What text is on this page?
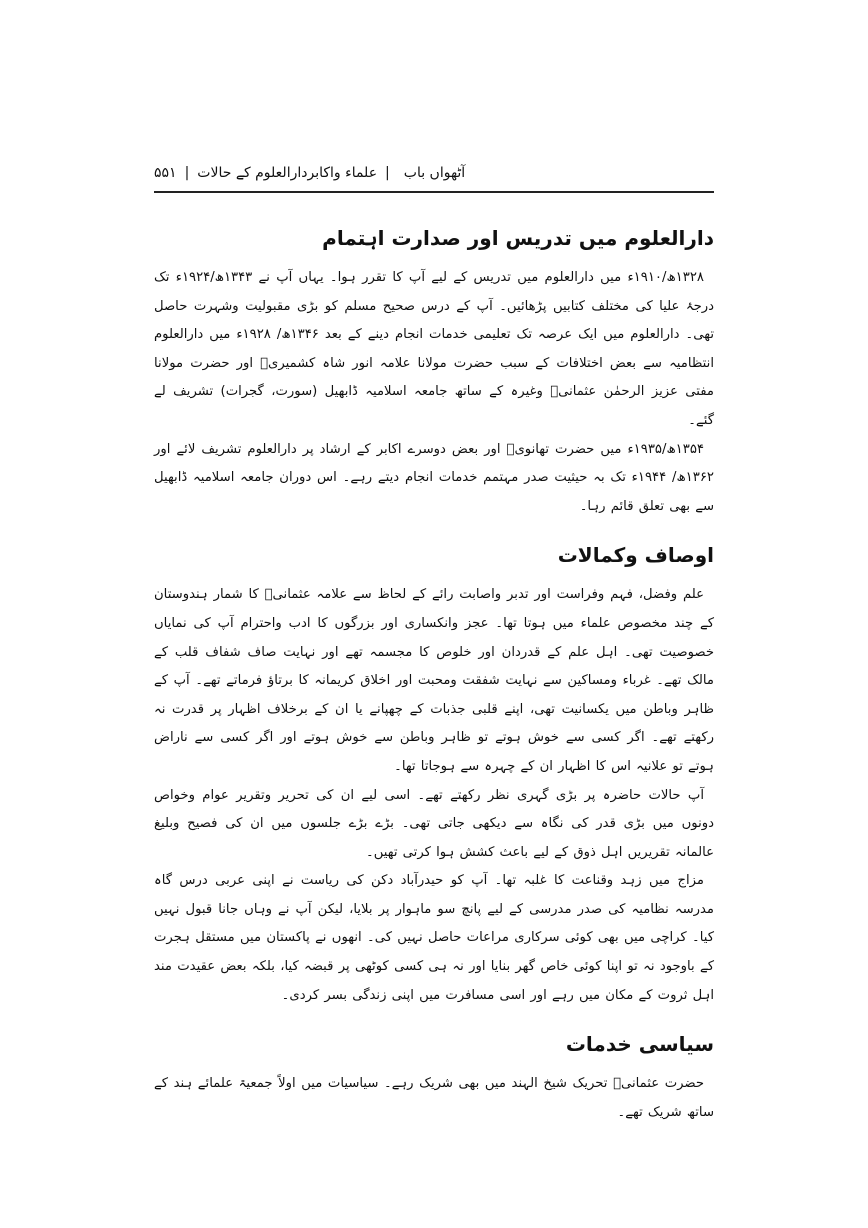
آٹھواں باب
|
علماء واکابردارالعلوم کے حالات
|
۵۵۱
دارالعلوم میں تدریس اور صدارت اہتمام

۱۳۲۸ھ/۱۹۱۰ء میں دارالعلوم میں تدریس کے لیے آپ کا تقرر ہوا۔ یہاں آپ نے ۱۳۴۳ھ/۱۹۲۴ء تک درجۂ علیا کی مختلف کتابیں پڑھائیں۔ آپ کے درس صحیح مسلم کو بڑی مقبولیت وشہرت حاصل تھی۔ دارالعلوم میں ایک عرصہ تک تعلیمی خدمات انجام دینے کے بعد ۱۳۴۶ھ/ ۱۹۲۸ء میں دارالعلوم انتظامیہ سے بعض اختلافات کے سبب حضرت مولانا علامہ انور شاہ کشمیریؒ اور حضرت مولانا مفتی عزیز الرحمٰن عثمانیؒ وغیرہ کے ساتھ جامعہ اسلامیہ ڈابھیل (سورت، گجرات) تشریف لے گئے۔

۱۳۵۴ھ/۱۹۳۵ء میں حضرت تھانویؒ اور بعض دوسرے اکابر کے ارشاد پر دارالعلوم تشریف لائے اور ۱۳۶۲ھ/ ۱۹۴۴ء تک بہ حیثیت صدر مہتمم خدمات انجام دیتے رہے۔ اس دوران جامعہ اسلامیہ ڈابھیل سے بھی تعلق قائم رہا۔

اوصاف وکمالات

علم وفضل، فہم وفراست اور تدبر واصابت رائے کے لحاظ سے علامہ عثمانیؒ کا شمار ہندوستان کے چند مخصوص علماء میں ہوتا تھا۔ عجز وانکساری اور بزرگوں کا ادب واحترام آپ کی نمایاں خصوصیت تھی۔ اہل علم کے قدردان اور خلوص کا مجسمہ تھے اور نہایت صاف شفاف قلب کے مالک تھے۔ غرباء ومساکین سے نہایت شفقت ومحبت اور اخلاق کریمانہ کا برتاؤ فرماتے تھے۔ آپ کے ظاہر وباطن میں یکسانیت تھی، اپنے قلبی جذبات کے چھپانے یا ان کے برخلاف اظہار پر قدرت نہ رکھتے تھے۔ اگر کسی سے خوش ہوتے تو ظاہر وباطن سے خوش ہوتے اور اگر کسی سے ناراض ہوتے تو علانیہ اس کا اظہار ان کے چہرہ سے ہوجاتا تھا۔

آپ حالات حاضرہ پر بڑی گہری نظر رکھتے تھے۔ اسی لیے ان کی تحریر وتقریر عوام وخواص دونوں میں بڑی قدر کی نگاہ سے دیکھی جاتی تھی۔ بڑے بڑے جلسوں میں ان کی فصیح وبلیغ عالمانہ تقریریں اہل ذوق کے لیے باعث کشش ہوا کرتی تھیں۔

مزاج میں زہد وقناعت کا غلبہ تھا۔ آپ کو حیدرآباد دکن کی ریاست نے اپنی عربی درس گاہ مدرسہ نظامیہ کی صدر مدرسی کے لیے پانچ سو ماہوار پر بلایا، لیکن آپ نے وہاں جانا قبول نہیں کیا۔ کراچی میں بھی کوئی سرکاری مراعات حاصل نہیں کی۔ انھوں نے پاکستان میں مستقل ہجرت کے باوجود نہ تو اپنا کوئی خاص گھر بنایا اور نہ ہی کسی کوٹھی پر قبضہ کیا، بلکہ بعض عقیدت مند اہل ثروت کے مکان میں رہے اور اسی مسافرت میں اپنی زندگی بسر کردی۔

سیاسی خدمات

حضرت عثمانیؒ تحریک شیخ الہند میں بھی شریک رہے۔ سیاسیات میں اولاً جمعیۃ علمائے ہند کے ساتھ شریک تھے۔
